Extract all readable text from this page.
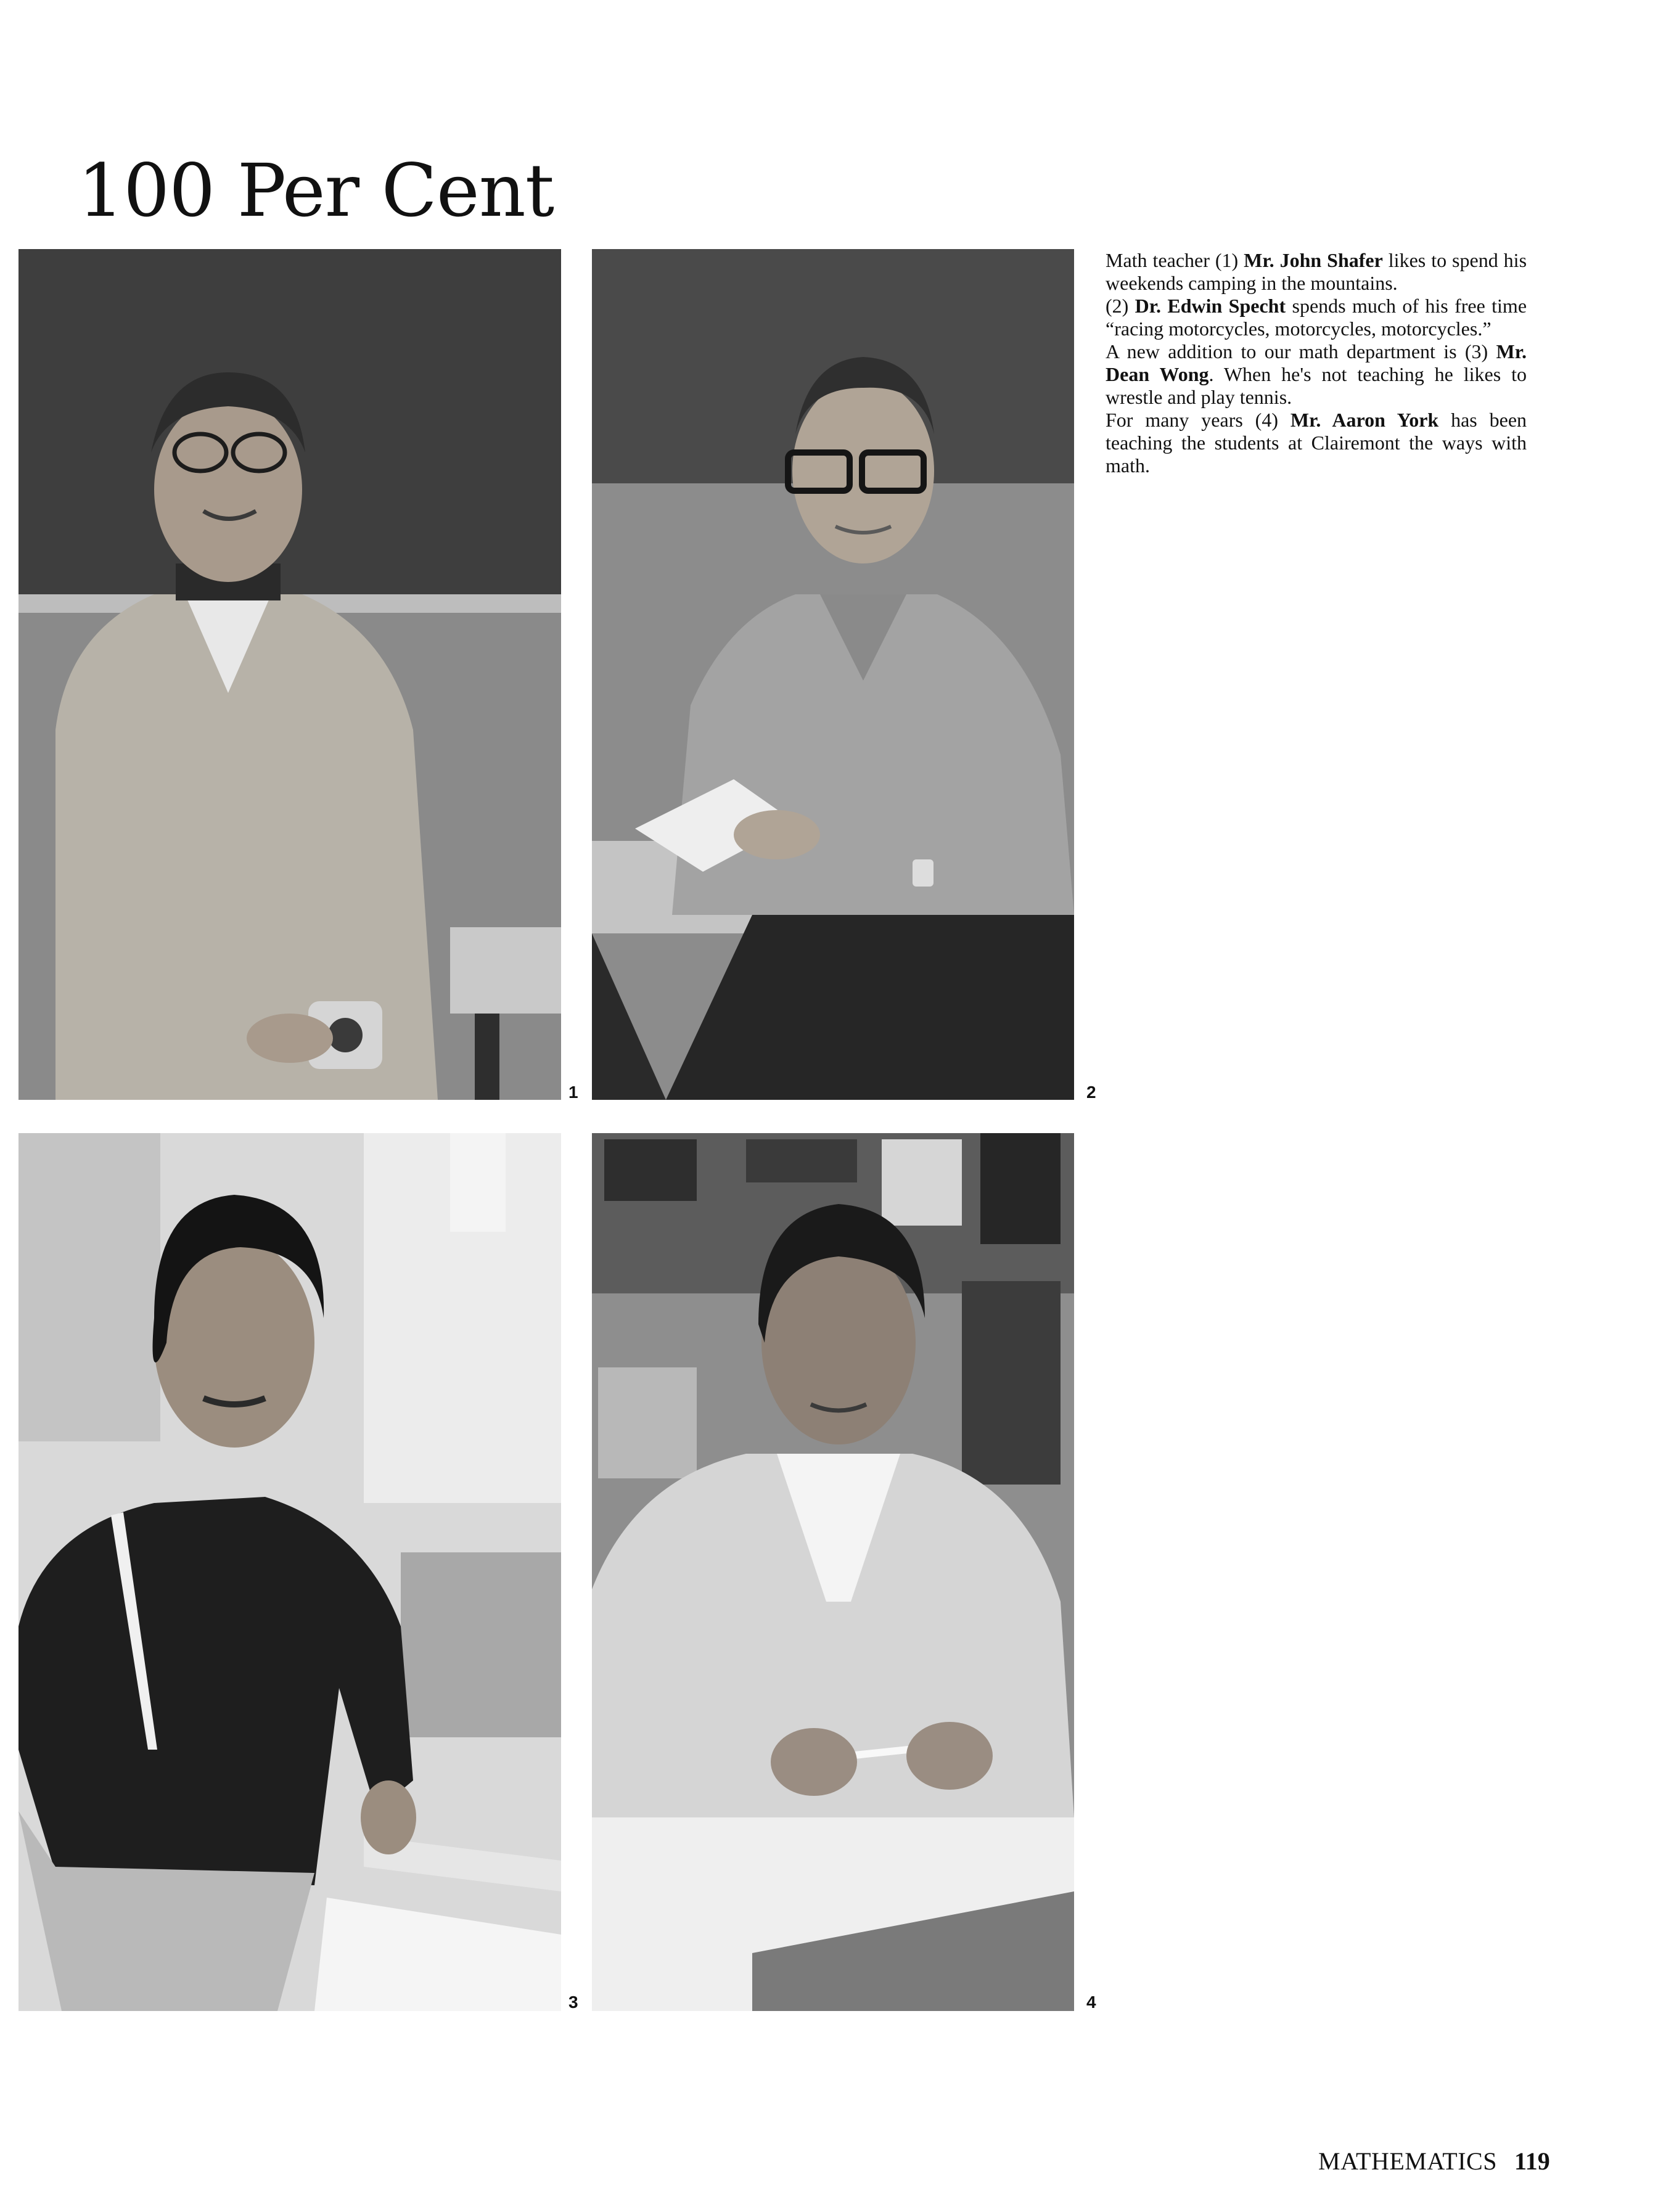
100 Per Cent
1	2
3	4

Math teacher (1) Mr. John Shafer likes to spend his weekends camping in the mountains.

(2) Dr. Edwin Specht spends much of his free time “racing motorcycles, motorcycles, motorcycles.”

A new addition to our math department is (3) Mr. Dean Wong. When he's not teaching he likes to wrestle and play tennis.

For many years (4) Mr. Aaron York has been teaching the students at Clairemont the ways with math.

MATHEMATICS 119
